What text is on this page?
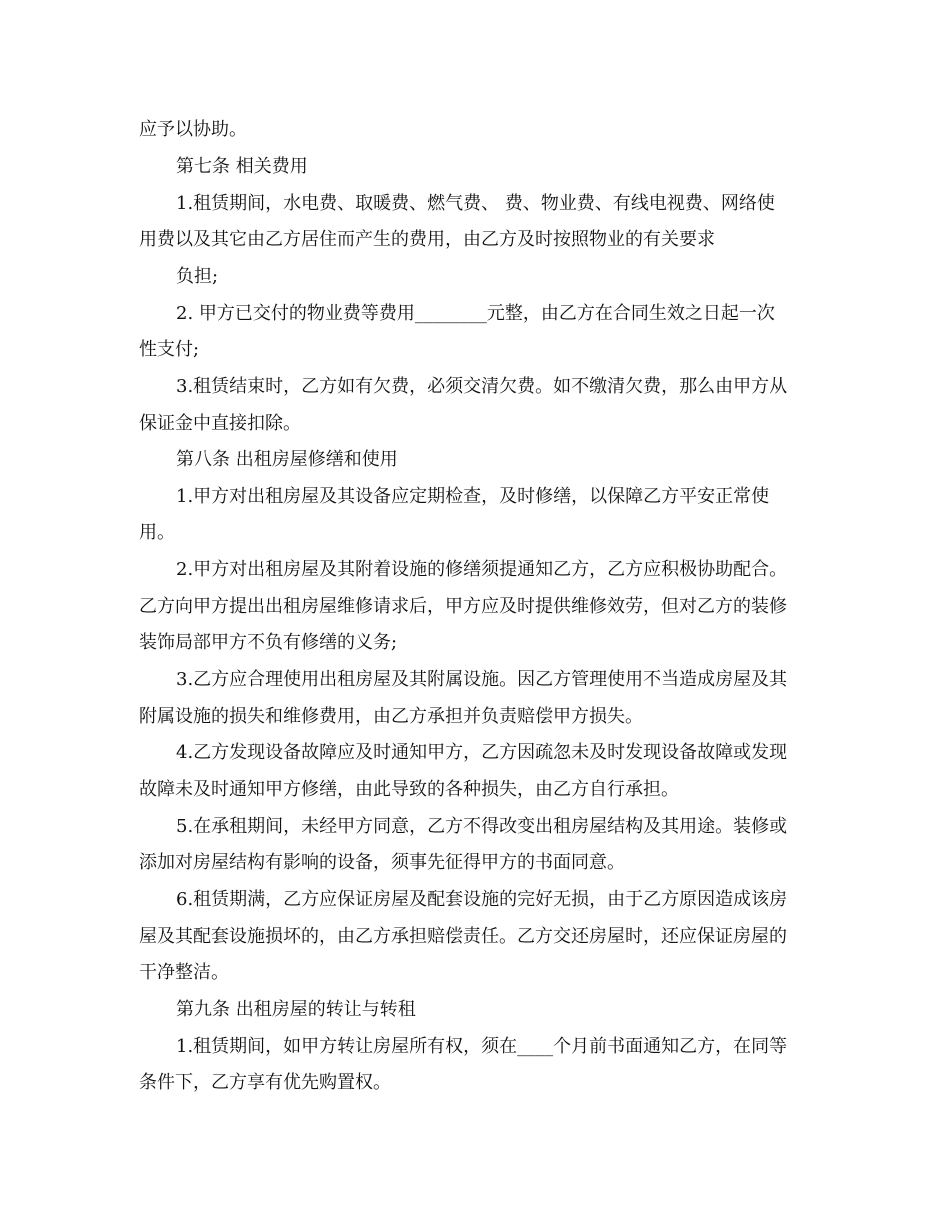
应予以协助。
第七条 相关费用
1.租赁期间，水电费、取暖费、燃气费、 费、物业费、有线电视费、网络使
用费以及其它由乙方居住而产生的费用，由乙方及时按照物业的有关要求
负担;
2. 甲方已交付的物业费等费用________元整，由乙方在合同生效之日起一次
性支付;
3.租赁结束时，乙方如有欠费，必须交清欠费。如不缴清欠费，那么由甲方从
保证金中直接扣除。
第八条 出租房屋修缮和使用
1.甲方对出租房屋及其设备应定期检查，及时修缮，以保障乙方平安正常使
用。
2.甲方对出租房屋及其附着设施的修缮须提通知乙方，乙方应积极协助配合。
乙方向甲方提出出租房屋维修请求后，甲方应及时提供维修效劳，但对乙方的装修
装饰局部甲方不负有修缮的义务;
3.乙方应合理使用出租房屋及其附属设施。因乙方管理使用不当造成房屋及其
附属设施的损失和维修费用，由乙方承担并负责赔偿甲方损失。
4.乙方发现设备故障应及时通知甲方，乙方因疏忽未及时发现设备故障或发现
故障未及时通知甲方修缮，由此导致的各种损失，由乙方自行承担。
5.在承租期间，未经甲方同意，乙方不得改变出租房屋结构及其用途。装修或
添加对房屋结构有影响的设备，须事先征得甲方的书面同意。
6.租赁期满，乙方应保证房屋及配套设施的完好无损，由于乙方原因造成该房
屋及其配套设施损坏的，由乙方承担赔偿责任。乙方交还房屋时，还应保证房屋的
干净整洁。
第九条 出租房屋的转让与转租
1.租赁期间，如甲方转让房屋所有权，须在____个月前书面通知乙方，在同等
条件下，乙方享有优先购置权。
